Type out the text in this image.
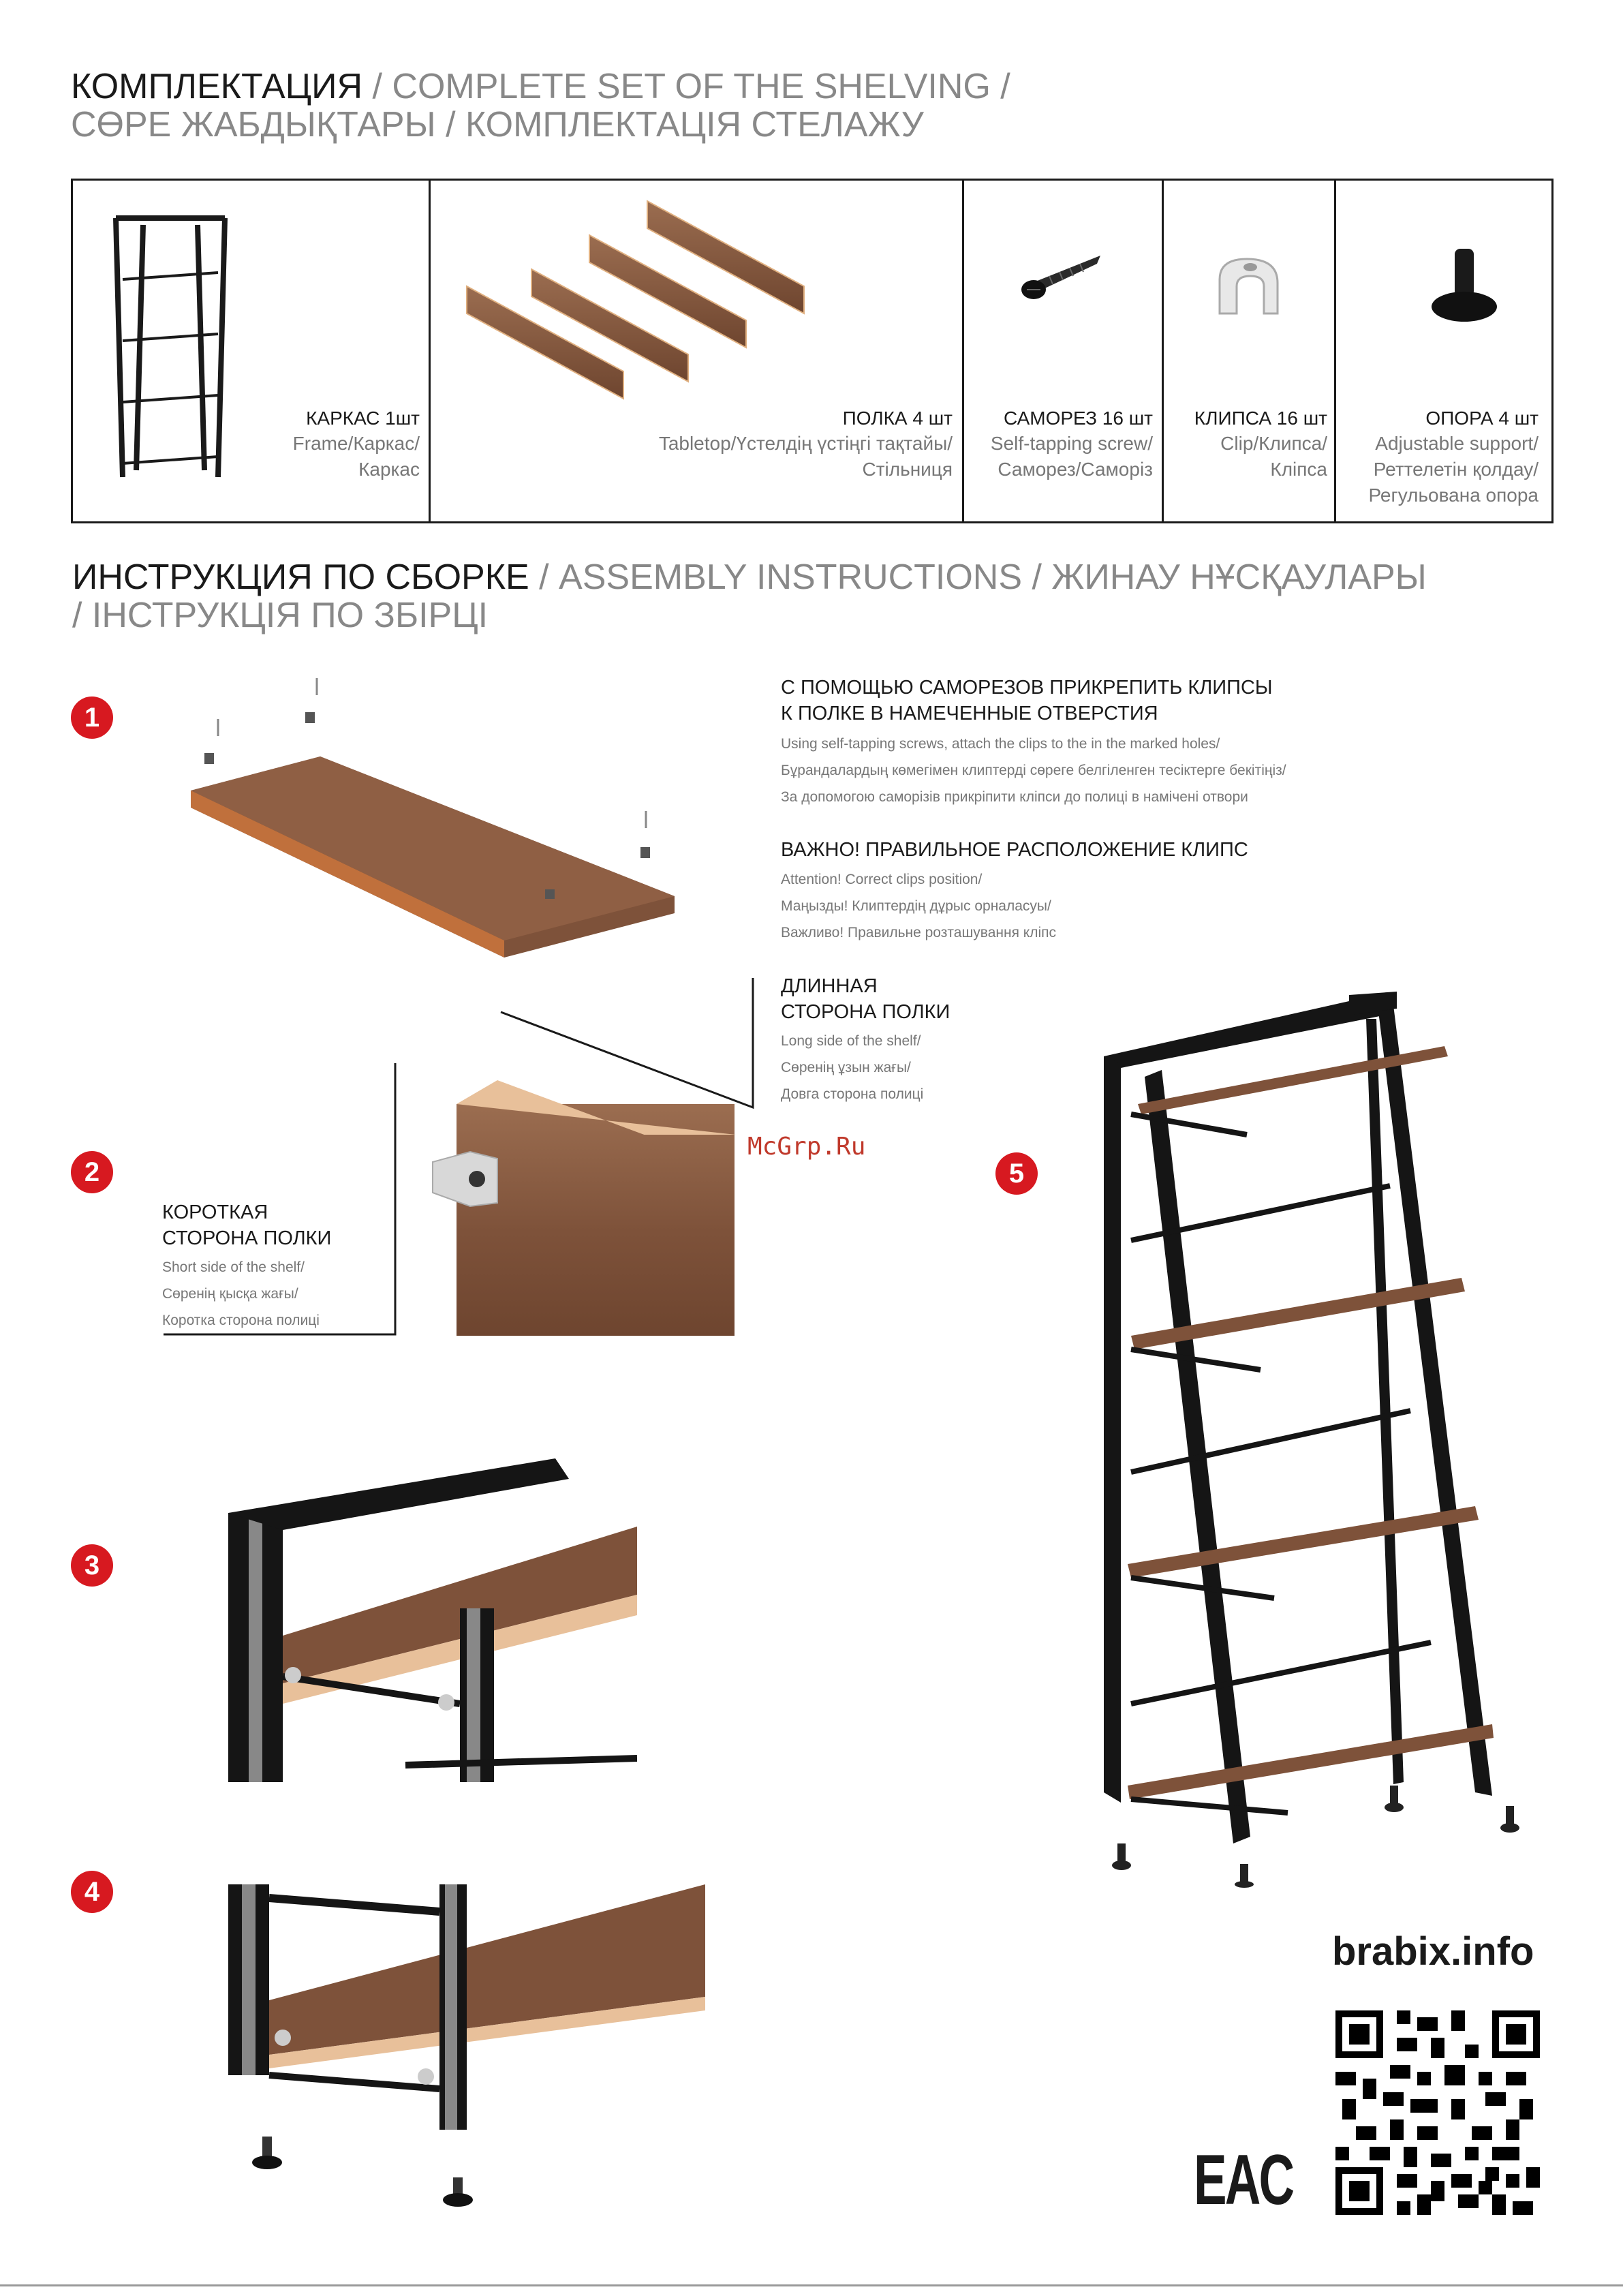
КОМПЛЕКТАЦИЯ / COMPLETE SET OF THE SHELVING /
СӨРЕ ЖАБДЫҚТАРЫ / КОМПЛЕКТАЦІЯ СТЕЛАЖУ
КАРКАС 1шт
Frame/Каркас/
Каркас
ПОЛКА 4 шт
Tabletop/Үстелдің үстіңгі тақтайы/
Стільниця
САМОРЕЗ 16 шт
Self-tapping screw/
Саморез/Саморіз
КЛИПСА 16 шт
Clip/Клипса/
Кліпса
ОПОРА 4 шт
Adjustable support/
Реттелетін қолдау/
Регульована опора
ИНСТРУКЦИЯ ПО СБОРКЕ / ASSEMBLY INSTRUCTIONS / ЖИНАУ НҰСҚАУЛАРЫ
/ ІНСТРУКЦІЯ ПО ЗБІРЦІ
1
2
3
4
5
С ПОМОЩЬЮ САМОРЕЗОВ ПРИКРЕПИТЬ КЛИПСЫ
К ПОЛКЕ В НАМЕЧЕННЫЕ ОТВЕРСТИЯ
Using self-tapping screws, attach the clips to the in the marked holes/
Бұрандалардың көмегімен клиптерді сөреге белгіленген тесіктерге бекітіңіз/
За допомогою саморізів прикріпити кліпси до полиці в намічені отвори
ВАЖНО! ПРАВИЛЬНОЕ РАСПОЛОЖЕНИЕ КЛИПС
Attention! Correct clips position/
Маңызды! Клиптердің дұрыс орналасуы/
Важливо! Правильне розташування кліпс
ДЛИННАЯ
СТОРОНА ПОЛКИ
Long side of the shelf/
Сөренің ұзын жағы/
Довга сторона полиці
КОРОТКАЯ
СТОРОНА ПОЛКИ
Short side of the shelf/
Сөренің қысқа жағы/
Коротка сторона полиці
McGrp.Ru
brabix.info
EAC
